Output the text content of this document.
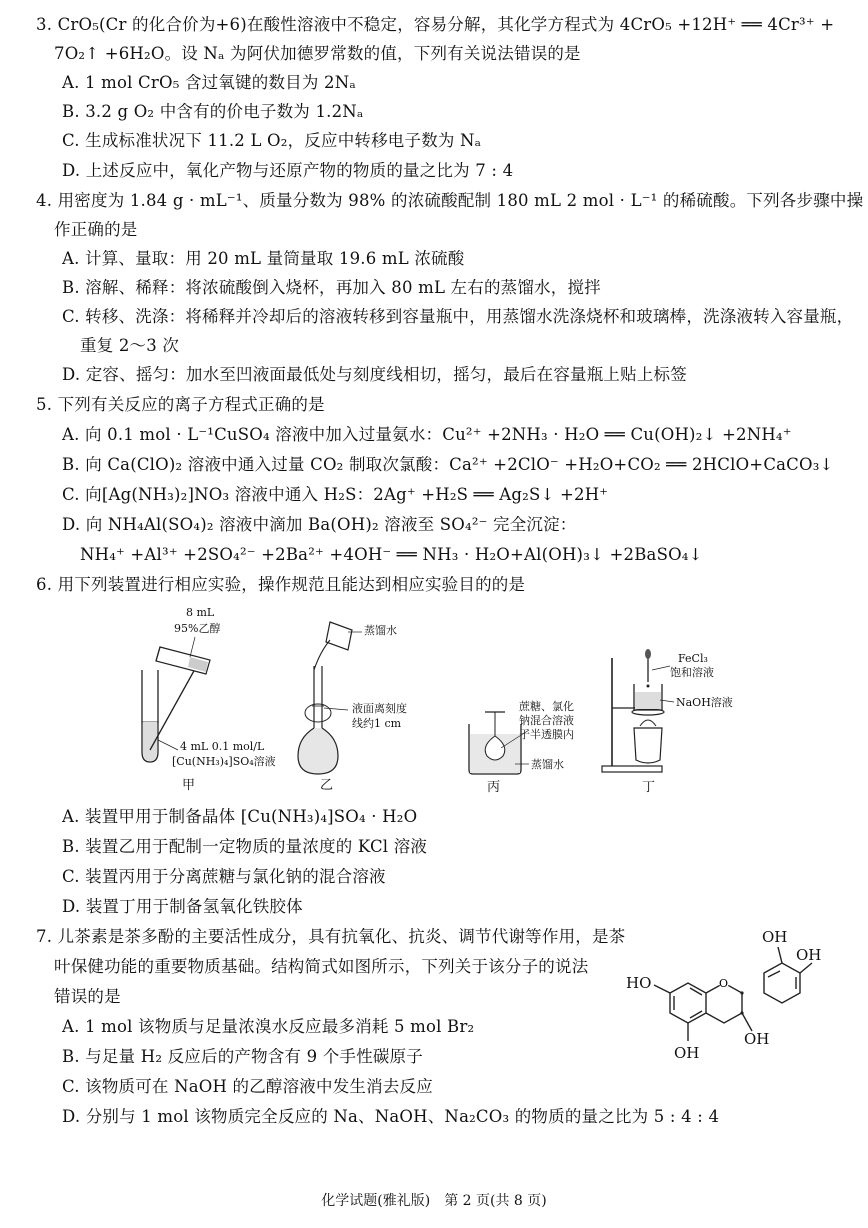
3. CrO₅(Cr 的化合价为+6)在酸性溶液中不稳定，容易分解，其化学方程式为 4CrO₅ +12H⁺ ══ 4Cr³⁺ +
7O₂↑ +6H₂O。设 Nₐ 为阿伏加德罗常数的值，下列有关说法错误的是
A. 1 mol CrO₅ 含过氧键的数目为 2Nₐ
B. 3.2 g O₂ 中含有的价电子数为 1.2Nₐ
C. 生成标准状况下 11.2 L O₂，反应中转移电子数为 Nₐ
D. 上述反应中，氧化产物与还原产物的物质的量之比为 7 : 4
4. 用密度为 1.84 g · mL⁻¹、质量分数为 98% 的浓硫酸配制 180 mL 2 mol · L⁻¹ 的稀硫酸。下列各步骤中操
作正确的是
A. 计算、量取：用 20 mL 量筒量取 19.6 mL 浓硫酸
B. 溶解、稀释：将浓硫酸倒入烧杯，再加入 80 mL 左右的蒸馏水，搅拌
C. 转移、洗涤：将稀释并冷却后的溶液转移到容量瓶中，用蒸馏水洗涤烧杯和玻璃棒，洗涤液转入容量瓶，
重复 2～3 次
D. 定容、摇匀：加水至凹液面最低处与刻度线相切，摇匀，最后在容量瓶上贴上标签
5. 下列有关反应的离子方程式正确的是
A. 向 0.1 mol · L⁻¹CuSO₄ 溶液中加入过量氨水：Cu²⁺ +2NH₃ · H₂O ══ Cu(OH)₂↓ +2NH₄⁺
B. 向 Ca(ClO)₂ 溶液中通入过量 CO₂ 制取次氯酸：Ca²⁺ +2ClO⁻ +H₂O+CO₂ ══ 2HClO+CaCO₃↓
C. 向[Ag(NH₃)₂]NO₃ 溶液中通入 H₂S：2Ag⁺ +H₂S ══ Ag₂S↓ +2H⁺
D. 向 NH₄Al(SO₄)₂ 溶液中滴加 Ba(OH)₂ 溶液至 SO₄²⁻ 完全沉淀：
NH₄⁺ +Al³⁺ +2SO₄²⁻ +2Ba²⁺ +4OH⁻ ══ NH₃ · H₂O+Al(OH)₃↓ +2BaSO₄↓
6. 用下列装置进行相应实验，操作规范且能达到相应实验目的的是
8 mL
95%乙醇
4 mL 0.1 mol/L
[Cu(NH₃)₄]SO₄溶液
甲
蒸馏水
液面离刻度
线约1 cm
乙
蔗糖、氯化
钠混合溶液
于半透膜内
蒸馏水
丙
FeCl₃
饱和溶液
NaOH溶液
丁
A. 装置甲用于制备晶体 [Cu(NH₃)₄]SO₄ · H₂O
B. 装置乙用于配制一定物质的量浓度的 KCl 溶液
C. 装置丙用于分离蔗糖与氯化钠的混合溶液
D. 装置丁用于制备氢氧化铁胶体
7. 儿茶素是茶多酚的主要活性成分，具有抗氧化、抗炎、调节代谢等作用，是茶
叶保健功能的重要物质基础。结构简式如图所示，下列关于该分子的说法
错误的是
A. 1 mol 该物质与足量浓溴水反应最多消耗 5 mol Br₂
B. 与足量 H₂ 反应后的产物含有 9 个手性碳原子
C. 该物质可在 NaOH 的乙醇溶液中发生消去反应
D. 分别与 1 mol 该物质完全反应的 Na、NaOH、Na₂CO₃ 的物质的量之比为 5 : 4 : 4
O
OH
OH
HO
OH
OH
化学试题(雅礼版)　第 2 页(共 8 页)
